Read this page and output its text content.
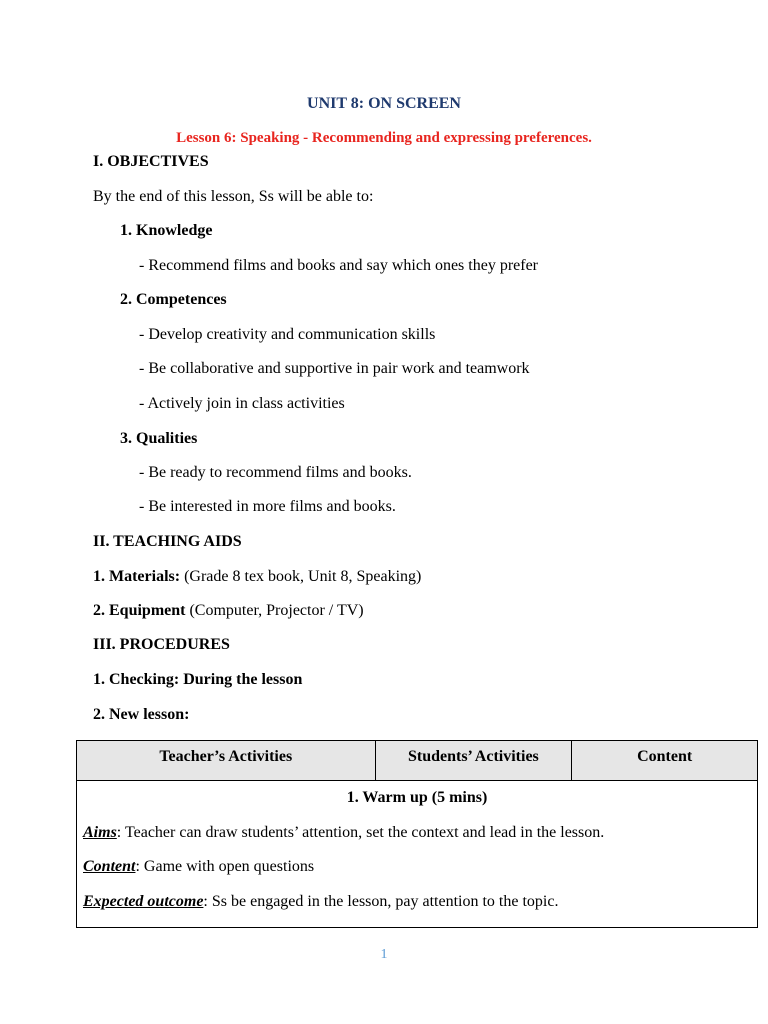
UNIT 8: ON SCREEN
Lesson 6: Speaking - Recommending and expressing preferences.
I. OBJECTIVES
By the end of this lesson, Ss will be able to:
1. Knowledge
- Recommend films and books and say which ones they prefer
2. Competences
- Develop creativity and communication skills
- Be collaborative and supportive in pair work and teamwork
- Actively join in class activities
3. Qualities
- Be ready to recommend films and books.
- Be interested in more films and books.
II. TEACHING AIDS
1. Materials: (Grade 8 tex book, Unit 8, Speaking)
2. Equipment (Computer, Projector / TV)
III. PROCEDURES
1. Checking: During the lesson
2. New lesson:
Teacher’s Activities	Students’ Activities	Content

1. Warm up (5 mins)
Aims: Teacher can draw students’ attention, set the context and lead in the lesson.
Content: Game with open questions
Expected outcome: Ss be engaged in the lesson, pay attention to the topic.
1
